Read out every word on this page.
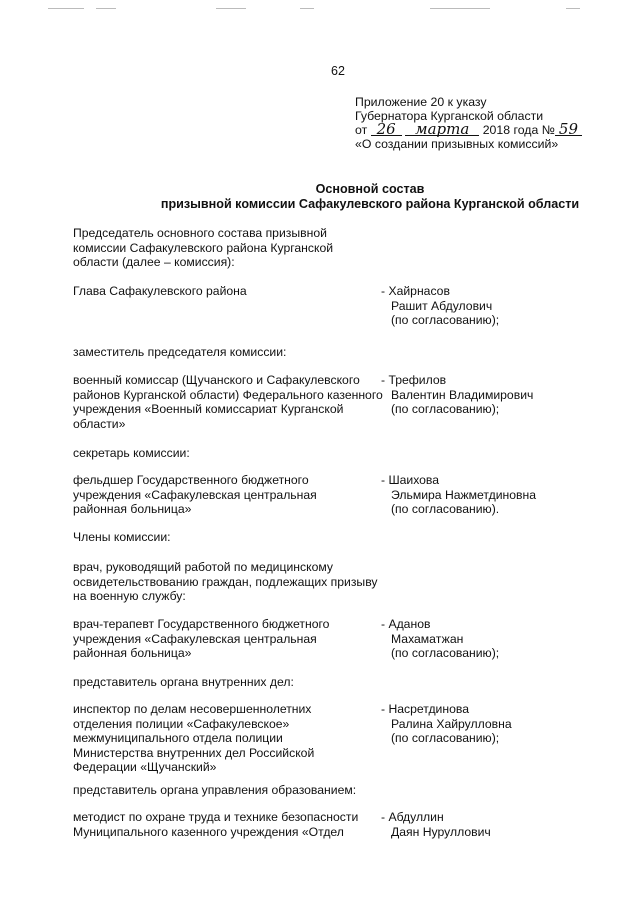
62
Приложение 20 к указу
Губернатора Курганской области
от 26 марта 2018 года № 59
«О создании призывных комиссий»
Основной состав
призывной комиссии Сафакулевского района Курганской области
Председатель основного состава призывной комиссии Сафакулевского района Курганской области (далее – комиссия):
Глава Сафакулевского района	- Хайрнасов
Рашит Абдулович
(по согласованию);
заместитель председателя комиссии:
военный комиссар (Щучанского и Сафакулевского районов Курганской области) Федерального казенного учреждения «Военный комиссариат Курганской области»
- Трефилов
Валентин Владимирович
(по согласованию);
секретарь комиссии:
фельдшер Государственного бюджетного учреждения «Сафакулевская центральная районная больница»
- Шаихова
Эльмира Нажметдиновна
(по согласованию).
Члены комиссии:
врач, руководящий работой по медицинскому освидетельствованию граждан, подлежащих призыву на военную службу:
врач-терапевт Государственного бюджетного учреждения «Сафакулевская центральная районная больница»
- Аданов
Махаматжан
(по согласованию);
представитель органа внутренних дел:
инспектор по делам несовершеннолетних отделения полиции «Сафакулевское» межмуниципального отдела полиции Министерства внутренних дел Российской Федерации «Щучанский»
- Насретдинова
Ралина Хайрулловна
(по согласованию);
представитель органа управления образованием:
методист по охране труда и технике безопасности Муниципального казенного учреждения «Отдел
- Абдуллин
Даян Нуруллович
